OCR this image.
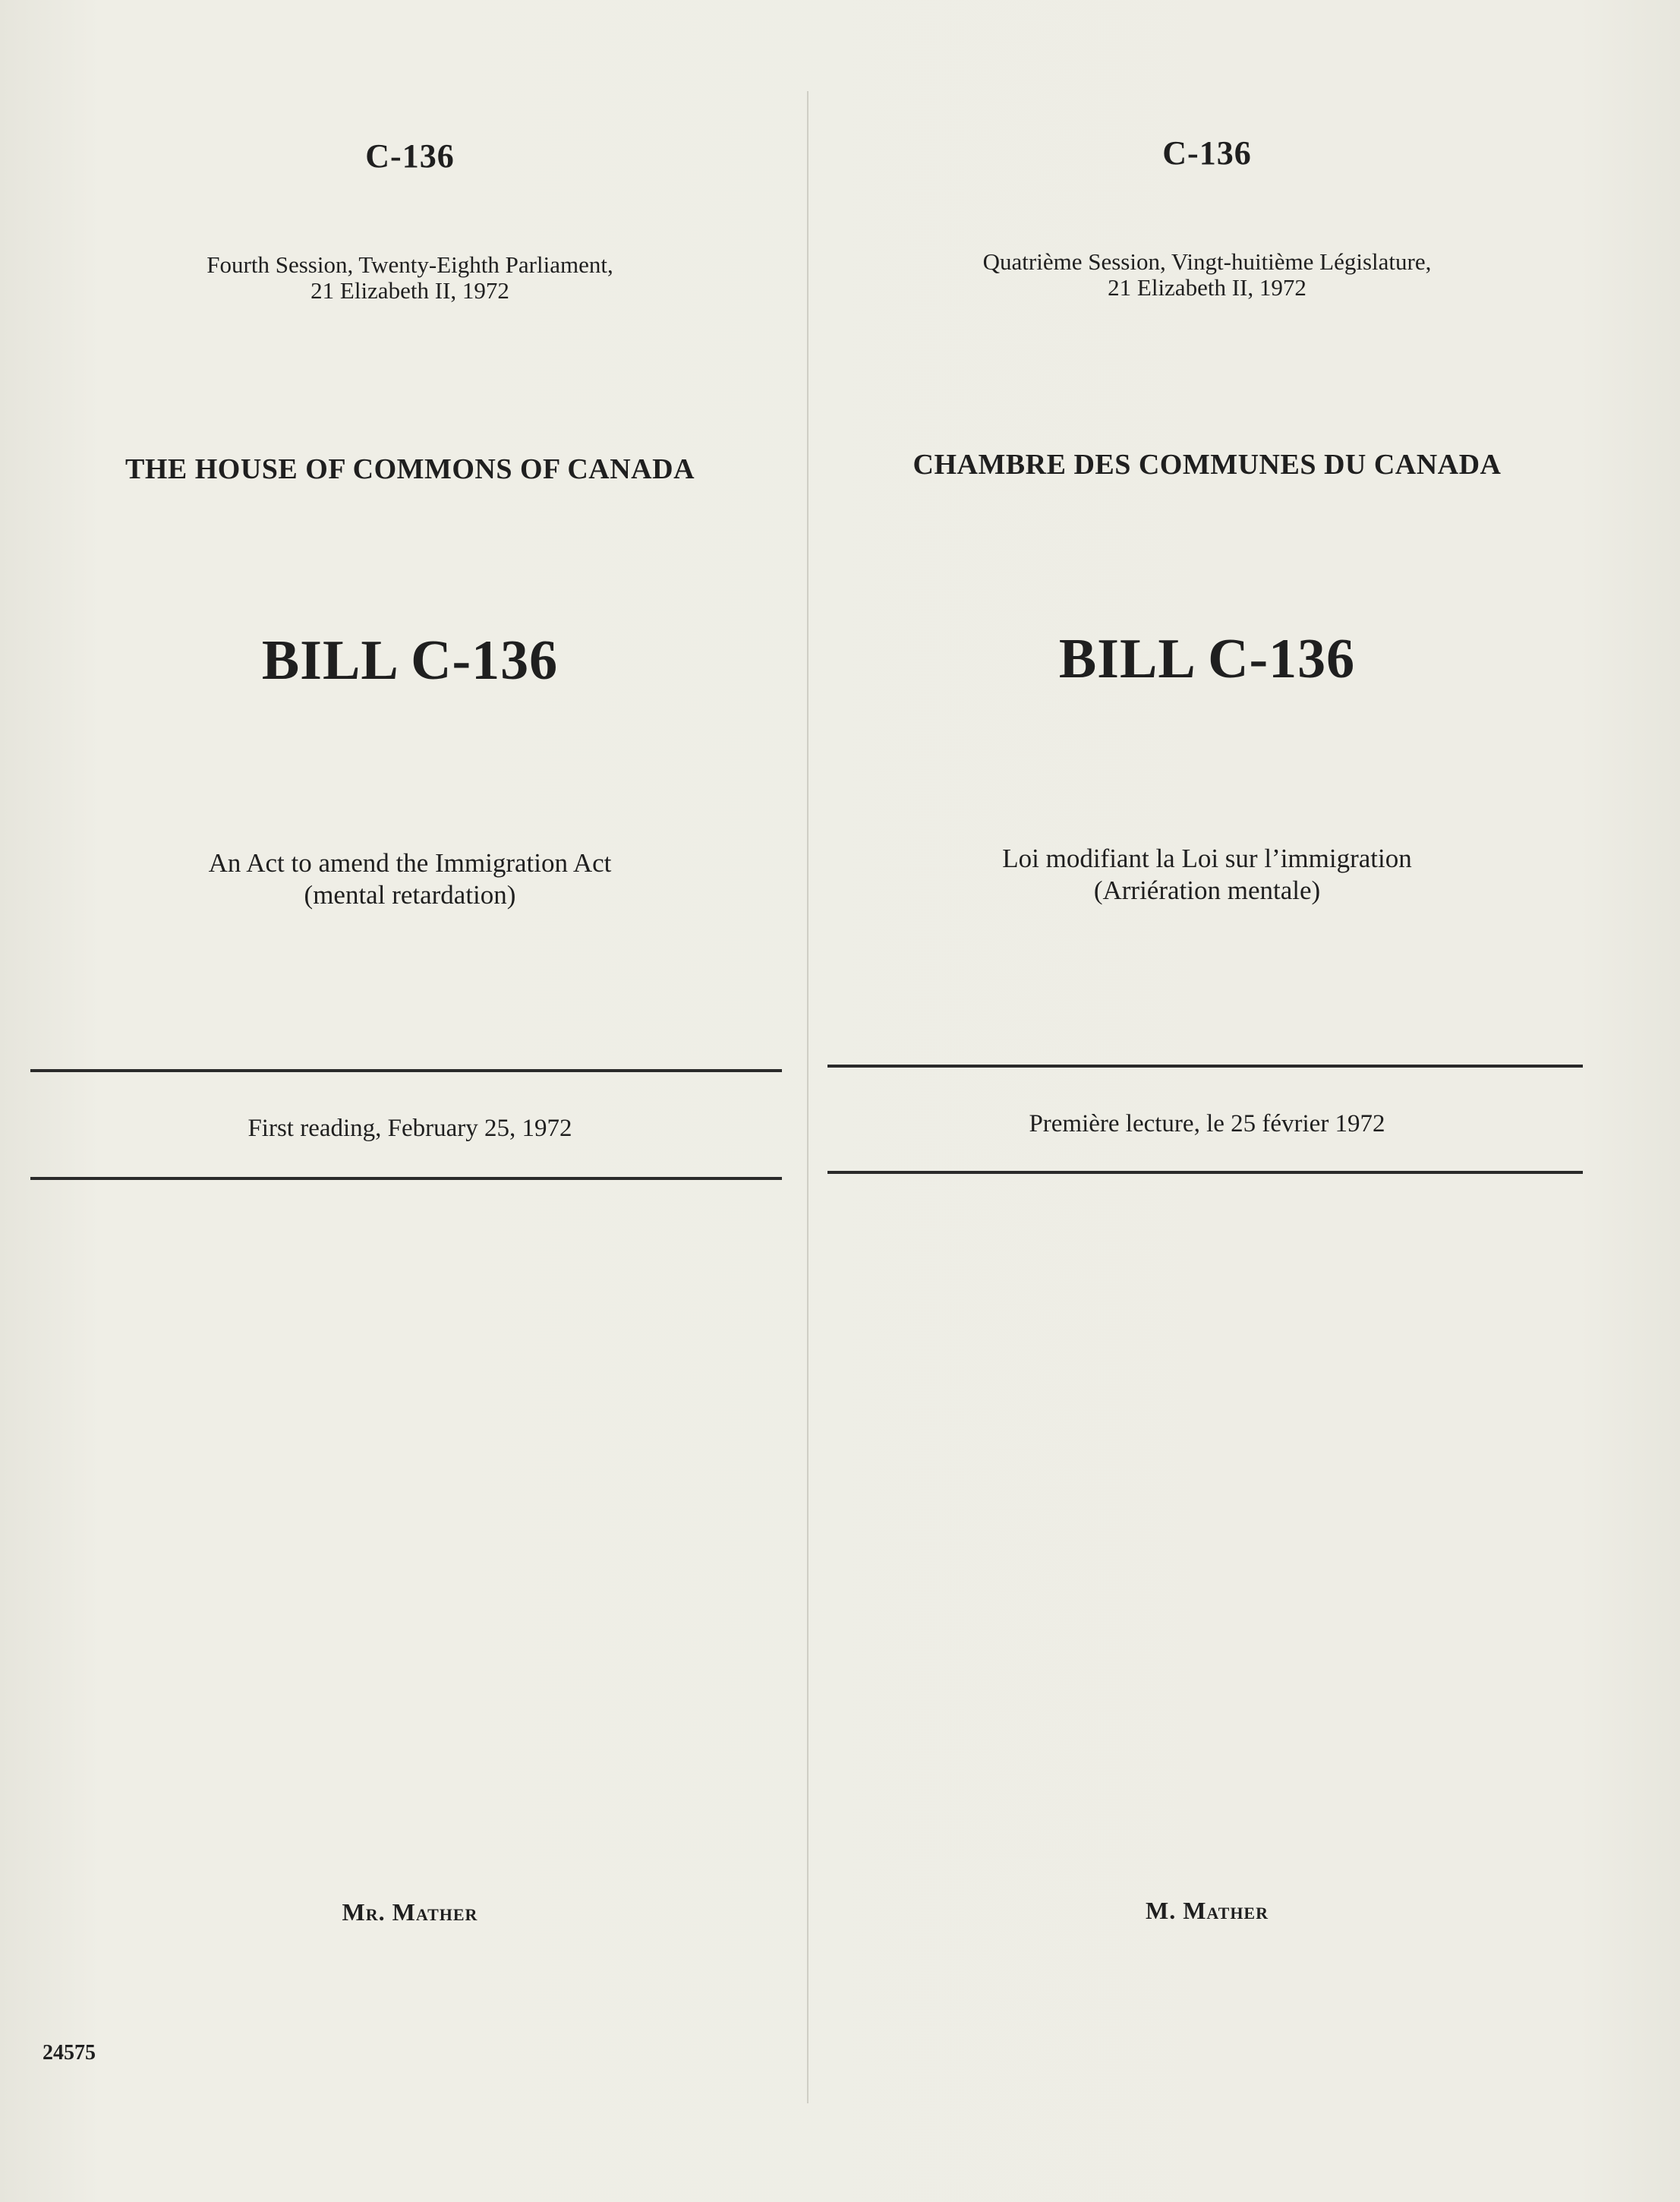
C-136
Fourth Session, Twenty-Eighth Parliament,
21 Elizabeth II, 1972
THE HOUSE OF COMMONS OF CANADA
BILL C-136
An Act to amend the Immigration Act
(mental retardation)
First reading, February 25, 1972
Mr. Mather
C-136
Quatrième Session, Vingt-huitième Législature,
21 Elizabeth II, 1972
CHAMBRE DES COMMUNES DU CANADA
BILL C-136
Loi modifiant la Loi sur l’immigration
(Arriération mentale)
Première lecture, le 25 février 1972
M. Mather
24575
